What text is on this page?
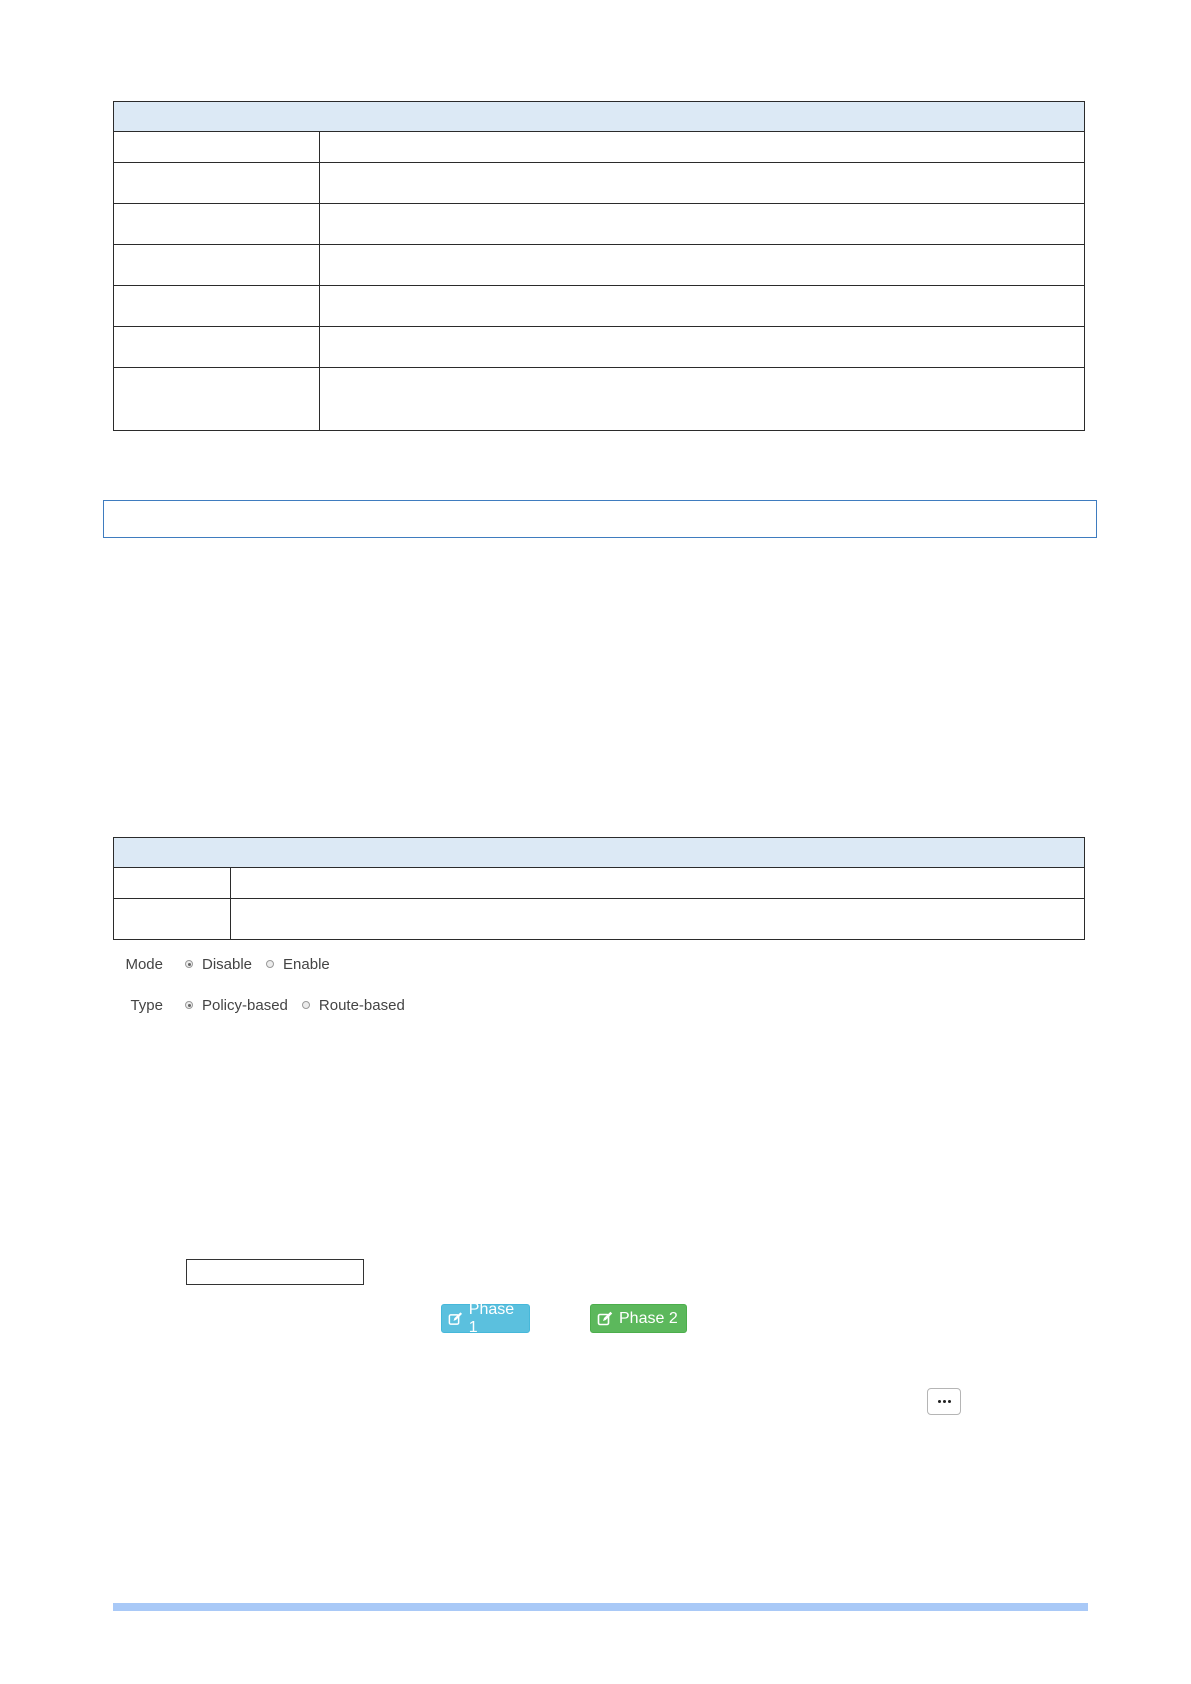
Mode	Disable Enable
Type	Policy-based Route-based
Phase 1
Phase 2
